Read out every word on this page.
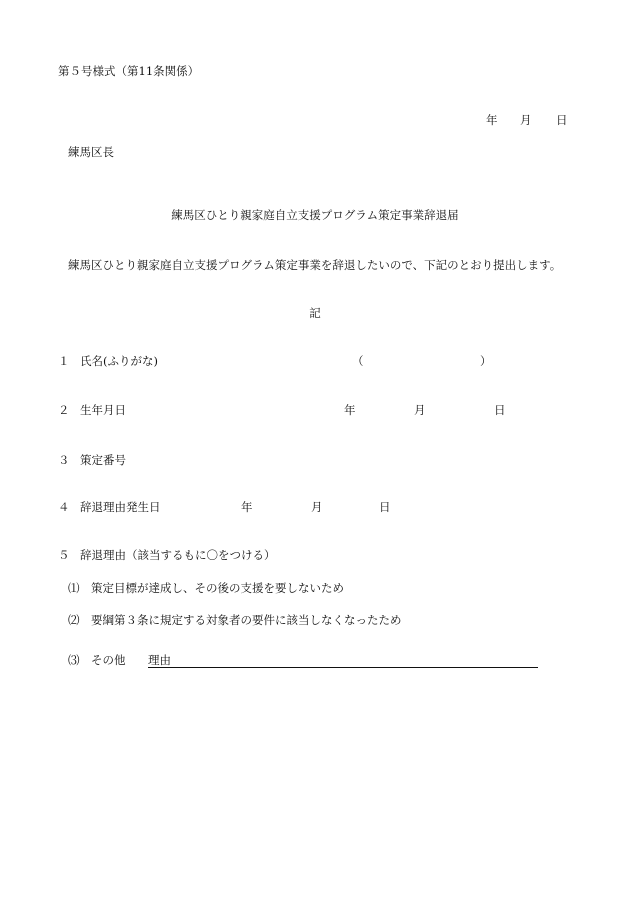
第５号様式（第11条関係）
年 月 日
練馬区長
練馬区ひとり親家庭自立支援プログラム策定事業辞退届
練馬区ひとり親家庭自立支援プログラム策定事業を辞退したいので、下記のとおり提出します。
記
１ 氏名(ふりがな)	（	）
２ 生年月日	年	月	日
３ 策定番号
４ 辞退理由発生日	年	月	日
５ 辞退理由（該当するもに〇をつける）
⑴ 策定目標が達成し、その後の支援を要しないため
⑵ 要綱第３条に規定する対象者の要件に該当しなくなったため
⑶ その他 理由
